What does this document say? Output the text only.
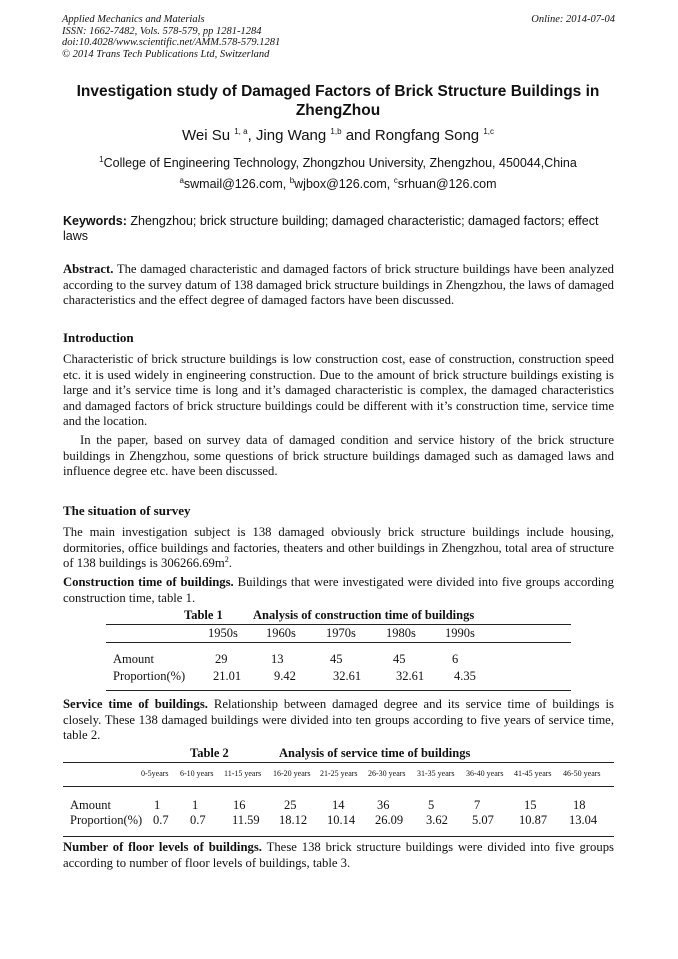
Applied Mechanics and Materials
ISSN: 1662-7482, Vols. 578-579, pp 1281-1284
doi:10.4028/www.scientific.net/AMM.578-579.1281
© 2014 Trans Tech Publications Ltd, Switzerland
Online: 2014-07-04
Investigation study of Damaged Factors of Brick Structure Buildings in
ZhengZhou
Wei Su $^{1, a}$, Jing Wang $^{1,b}$ and Rongfang Song $^{1,c}$
$^1$College of Engineering Technology, Zhongzhou University, Zhengzhou, 450044,China
$^a$swmail@126.com, $^b$wjbox@126.com, $^c$srhuan@126.com
Keywords: Zhengzhou; brick structure building; damaged characteristic; damaged factors; effect laws
Abstract. The damaged characteristic and damaged factors of brick structure buildings have been analyzed according to the survey datum of 138 damaged brick structure buildings in Zhengzhou, the laws of damaged characteristics and the effect degree of damaged factors have been discussed.
Introduction
Characteristic of brick structure buildings is low construction cost, ease of construction, construction speed etc. it is used widely in engineering construction. Due to the amount of brick structure buildings existing is large and it’s service time is long and it’s damaged characteristic is complex, the damaged characteristics and damaged factors of brick structure buildings could be different with it’s construction time, service time and the location.
In the paper, based on survey data of damaged condition and service history of the brick structure buildings in Zhengzhou, some questions of brick structure buildings damaged such as damaged laws and influence degree etc. have been discussed.
The situation of survey
The main investigation subject is 138 damaged obviously brick structure buildings include housing, dormitories, office buildings and factories, theaters and other buildings in Zhengzhou, total area of structure of 138 buildings is $306266.69m^2$.
Construction time of buildings. Buildings that were investigated were divided into five groups according construction time, table 1.
Table 1 Analysis of construction time of buildings
1950s 1960s 1970s 1980s 1990s
Amount	29	13	45	45	6
Proportion(%) 21.01	9.42	32.61	32.61 4.35
Service time of buildings. Relationship between damaged degree and its service time of buildings is closely. These 138 damaged buildings were divided into ten groups according to five years of service time, table 2.
Table 2	Analysis of service time of buildings
0-5years 6-10 years 11-15 years 16-20 years 21-25 years 26-30 years 31-35 years 36-40 years 41-45 years 46-50 years
Amount	1	1	16	25	14	36	5	7	15	18
Proportion(%) 0.7 0.7 11.59 18.12 10.14 26.09 3.62 5.07 10.87 13.04
Number of floor levels of buildings. These 138 brick structure buildings were divided into five groups according to number of floor levels of buildings, table 3.
